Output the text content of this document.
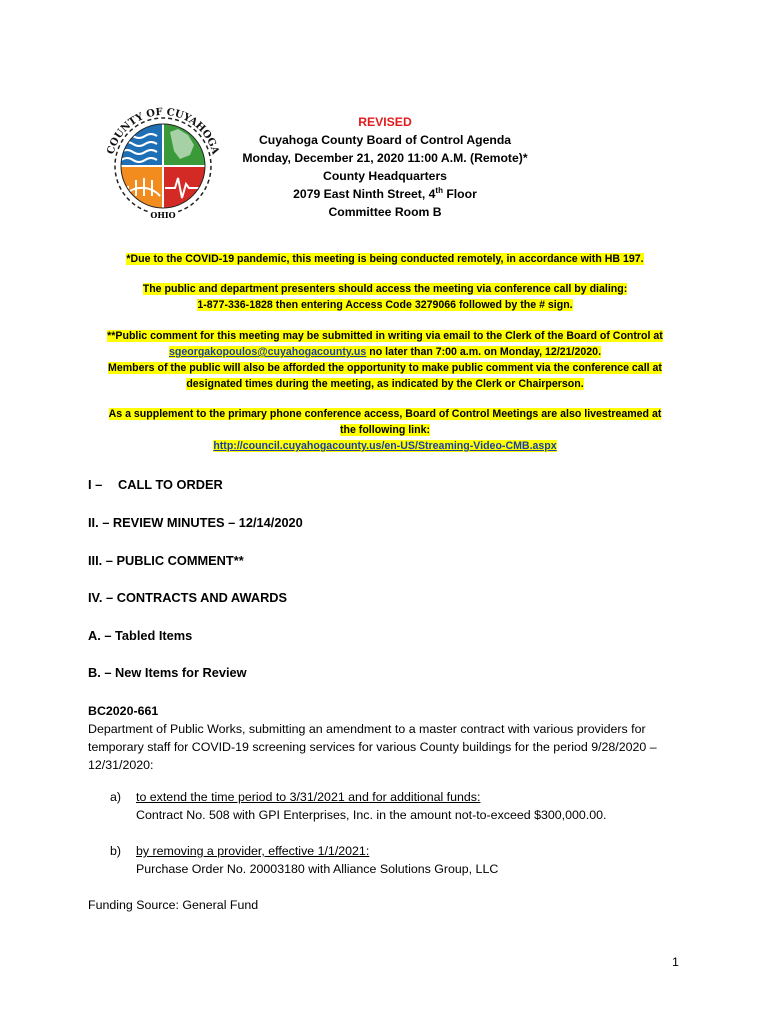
COUNTY OF CUYAHOGA
OHIO
REVISED
Cuyahoga County Board of Control Agenda
Monday, December 21, 2020 11:00 A.M. (Remote)*
County Headquarters
2079 East Ninth Street, 4th Floor
Committee Room B
*Due to the COVID-19 pandemic, this meeting is being conducted remotely, in accordance with HB 197.
The public and department presenters should access the meeting via conference call by dialing:
1-877-336-1828 then entering Access Code 3279066 followed by the # sign.
**Public comment for this meeting may be submitted in writing via email to the Clerk of the Board of Control at
sgeorgakopoulos@cuyahogacounty.us no later than 7:00 a.m. on Monday, 12/21/2020.
Members of the public will also be afforded the opportunity to make public comment via the conference call at
designated times during the meeting, as indicated by the Clerk or Chairperson.
As a supplement to the primary phone conference access, Board of Control Meetings are also livestreamed at
the following link:
http://council.cuyahogacounty.us/en-US/Streaming-Video-CMB.aspx
I – CALL TO ORDER
II. – REVIEW MINUTES – 12/14/2020
III. – PUBLIC COMMENT**
IV. – CONTRACTS AND AWARDS
A. – Tabled Items
B. – New Items for Review
BC2020-661
Department of Public Works, submitting an amendment to a master contract with various providers for
temporary staff for COVID-19 screening services for various County buildings for the period 9/28/2020 –
12/31/2020:
a)	to extend the time period to 3/31/2021 and for additional funds:
Contract No. 508 with GPI Enterprises, Inc. in the amount not-to-exceed $300,000.00.
b)	by removing a provider, effective 1/1/2021:
Purchase Order No. 20003180 with Alliance Solutions Group, LLC
Funding Source: General Fund
1
